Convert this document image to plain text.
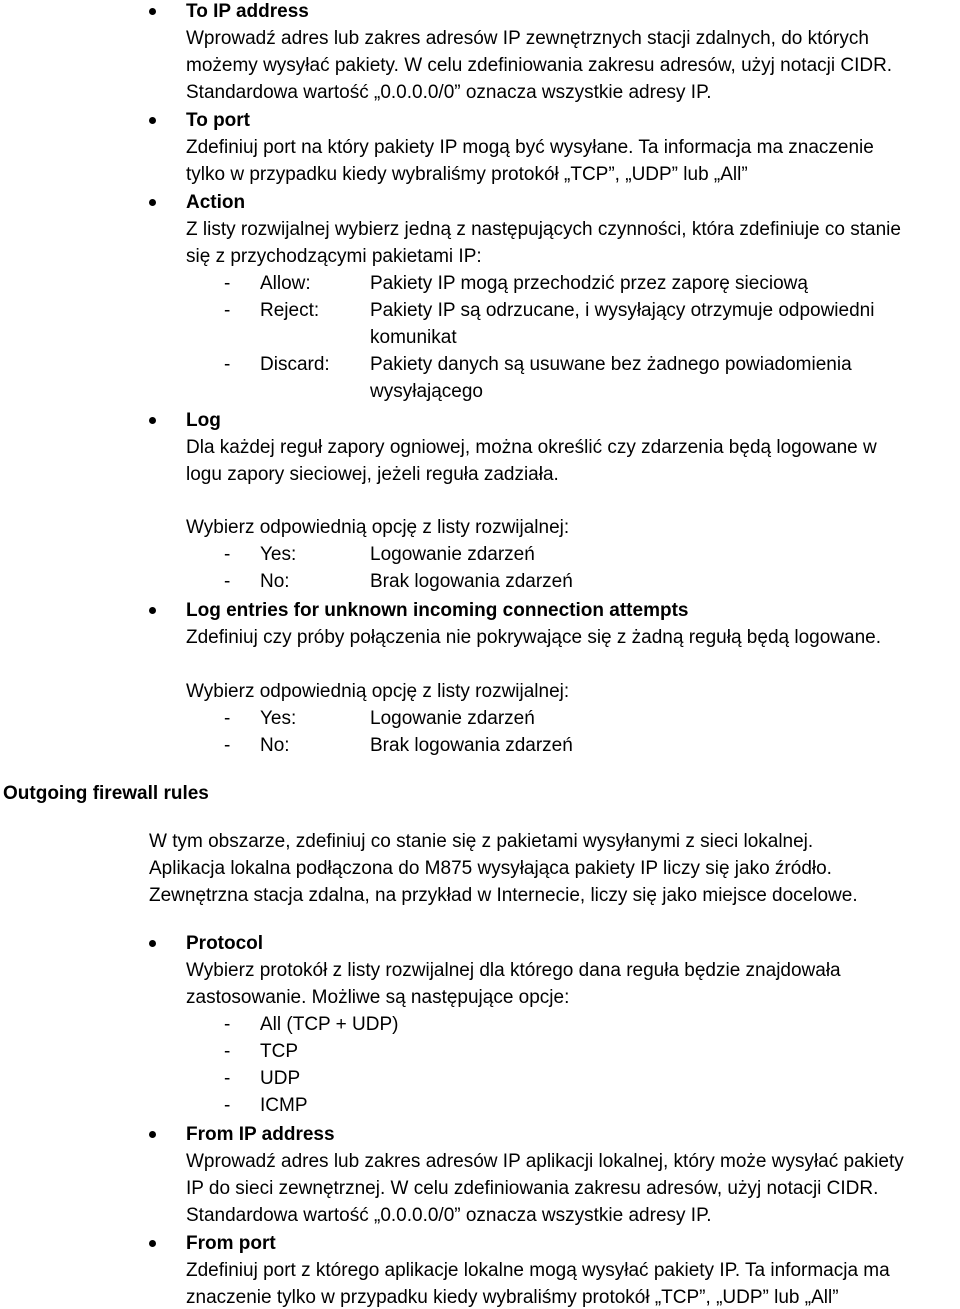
To IP address
Wprowadź adres lub zakres adresów IP zewnętrznych stacji zdalnych, do których
możemy wysyłać pakiety. W celu zdefiniowania zakresu adresów, użyj notacji CIDR.
Standardowa wartość „0.0.0.0/0” oznacza wszystkie adresy IP.
To port
Zdefiniuj port na który pakiety IP mogą być wysyłane. Ta informacja ma znaczenie
tylko w przypadku kiedy wybraliśmy protokół „TCP”, „UDP” lub „All”
Action
Z listy rozwijalnej wybierz jedną z następujących czynności, która zdefiniuje co stanie
się z przychodzącymi pakietami IP:
- Allow:	Pakiety IP mogą przechodzić przez zaporę sieciową
- Reject:	Pakiety IP są odrzucane, i wysyłający otrzymuje odpowiedni
komunikat
- Discard: Pakiety danych są usuwane bez żadnego powiadomienia
wysyłającego
Log
Dla każdej reguł zapory ogniowej, można określić czy zdarzenia będą logowane w
logu zapory sieciowej, jeżeli reguła zadziała.
Wybierz odpowiednią opcję z listy rozwijalnej:
- Yes:	Logowanie zdarzeń
- No:	Brak logowania zdarzeń
Log entries for unknown incoming connection attempts
Zdefiniuj czy próby połączenia nie pokrywające się z żadną regułą będą logowane.
Wybierz odpowiednią opcję z listy rozwijalnej:
- Yes:	Logowanie zdarzeń
- No:	Brak logowania zdarzeń
Outgoing firewall rules
W tym obszarze, zdefiniuj co stanie się z pakietami wysyłanymi z sieci lokalnej.
Aplikacja lokalna podłączona do M875 wysyłająca pakiety IP liczy się jako źródło.
Zewnętrzna stacja zdalna, na przykład w Internecie, liczy się jako miejsce docelowe.
Protocol
Wybierz protokół z listy rozwijalnej dla którego dana reguła będzie znajdowała
zastosowanie. Możliwe są następujące opcje:
- All (TCP + UDP)
- TCP
- UDP
- ICMP
From IP address
Wprowadź adres lub zakres adresów IP aplikacji lokalnej, który może wysyłać pakiety
IP do sieci zewnętrznej. W celu zdefiniowania zakresu adresów, użyj notacji CIDR.
Standardowa wartość „0.0.0.0/0” oznacza wszystkie adresy IP.
From port
Zdefiniuj port z którego aplikacje lokalne mogą wysyłać pakiety IP. Ta informacja ma
znaczenie tylko w przypadku kiedy wybraliśmy protokół „TCP”, „UDP” lub „All”
